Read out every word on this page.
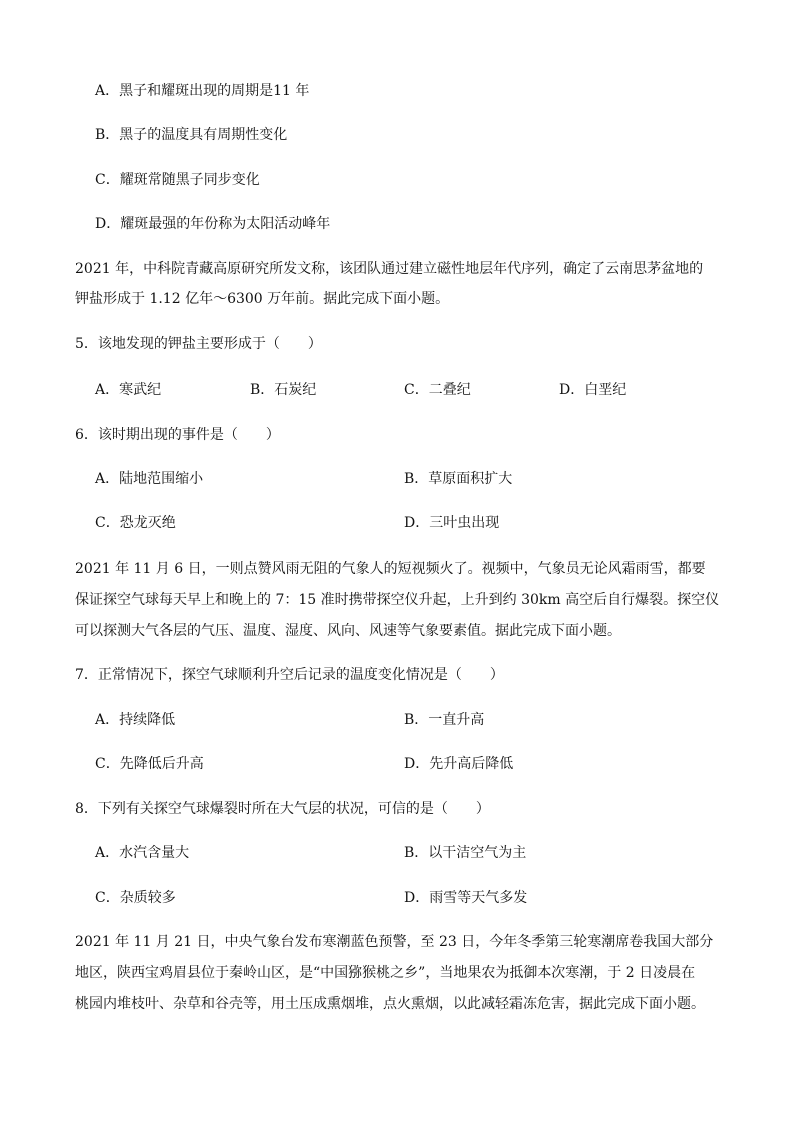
A．黑子和耀斑出现的周期是11 年
B．黑子的温度具有周期性变化
C．耀斑常随黑子同步变化
D．耀斑最强的年份称为太阳活动峰年
2021 年，中科院青藏高原研究所发文称，该团队通过建立磁性地层年代序列，确定了云南思茅盆地的
钾盐形成于 1.12 亿年～6300 万年前。据此完成下面小题。
5．该地发现的钾盐主要形成于（　　）
A．寒武纪	B．石炭纪	C．二叠纪	D．白垩纪
6．该时期出现的事件是（　　）
A．陆地范围缩小	B．草原面积扩大
C．恐龙灭绝	D．三叶虫出现
2021 年 11 月 6 日，一则点赞风雨无阻的气象人的短视频火了。视频中，气象员无论风霜雨雪，都要
保证探空气球每天早上和晚上的 7：15 准时携带探空仪升起，上升到约 30km 高空后自行爆裂。探空仪
可以探测大气各层的气压、温度、湿度、风向、风速等气象要素值。据此完成下面小题。
7．正常情况下，探空气球顺利升空后记录的温度变化情况是（　　）
A．持续降低	B．一直升高
C．先降低后升高	D．先升高后降低
8．下列有关探空气球爆裂时所在大气层的状况，可信的是（　　）
A．水汽含量大	B．以干洁空气为主
C．杂质较多	D．雨雪等天气多发
2021 年 11 月 21 日，中央气象台发布寒潮蓝色预警，至 23 日，今年冬季第三轮寒潮席卷我国大部分
地区，陕西宝鸡眉县位于秦岭山区，是“中国猕猴桃之乡”，当地果农为抵御本次寒潮，于 2 日凌晨在
桃园内堆枝叶、杂草和谷壳等，用土压成熏烟堆，点火熏烟，以此减轻霜冻危害，据此完成下面小题。
